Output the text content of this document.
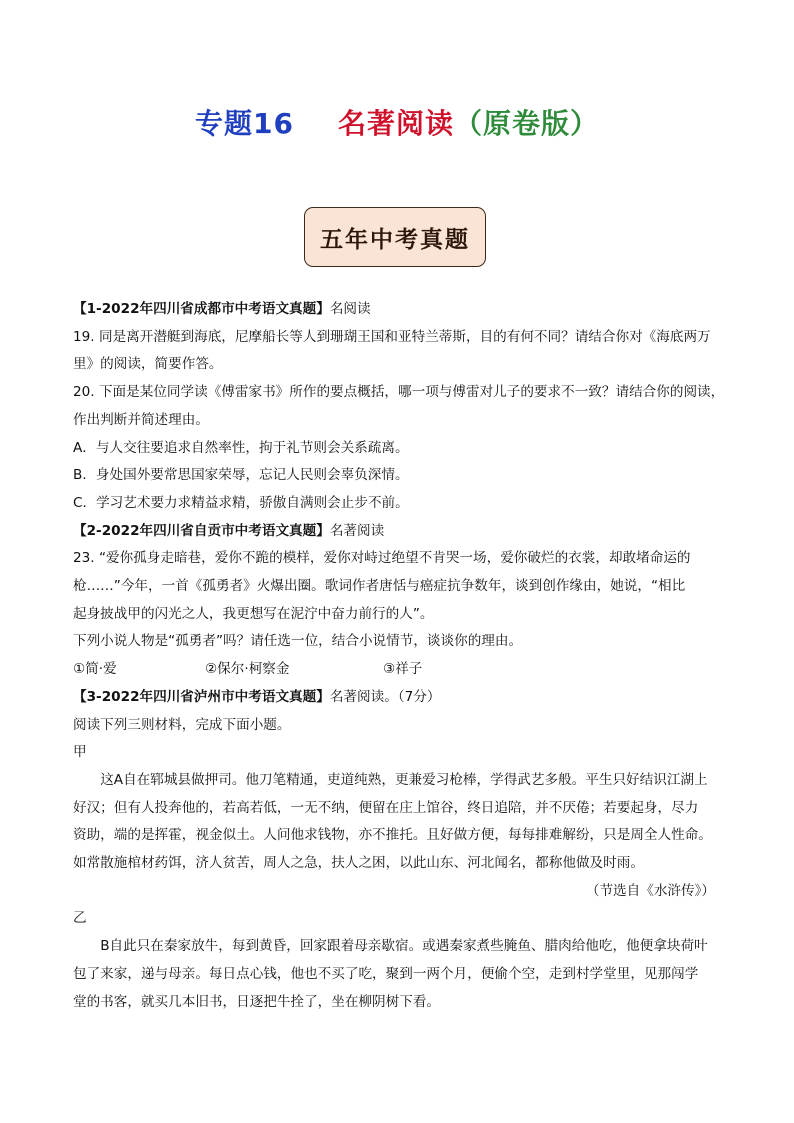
专题16 名著阅读（原卷版）
五年中考真题

【1-2022年四川省成都市中考语文真题】名阅读

19. 同是离开潜艇到海底，尼摩船长等人到珊瑚王国和亚特兰蒂斯，目的有何不同？请结合你对《海底两万

里》的阅读，简要作答。

20. 下面是某位同学读《傅雷家书》所作的要点概括，哪一项与傅雷对儿子的要求不一致？请结合你的阅读，

作出判断并简述理由。

A．与人交往要追求自然率性，拘于礼节则会关系疏离。

B．身处国外要常思国家荣辱，忘记人民则会辜负深情。

C．学习艺术要力求精益求精，骄傲自满则会止步不前。

【2-2022年四川省自贡市中考语文真题】名著阅读

23. “爱你孤身走暗巷，爱你不跪的模样，爱你对峙过绝望不肯哭一场，爱你破烂的衣裳，却敢堵命运的

枪……”今年，一首《孤勇者》火爆出圈。歌词作者唐恬与癌症抗争数年，谈到创作缘由，她说，“相比

起身披战甲的闪光之人，我更想写在泥泞中奋力前行的人”。

下列小说人物是“孤勇者”吗？请任选一位，结合小说情节，谈谈你的理由。

①简·爱	②保尔·柯察金	③祥子

【3-2022年四川省泸州市中考语文真题】名著阅读。（7分）

阅读下列三则材料，完成下面小题。

甲

这A自在郓城县做押司。他刀笔精通，吏道纯熟，更兼爱习枪棒，学得武艺多般。平生只好结识江湖上

好汉；但有人投奔他的，若高若低，一无不纳，便留在庄上馆谷，终日追陪，并不厌倦；若要起身，尽力

资助，端的是挥霍，视金似土。人问他求钱物，亦不推托。且好做方便，每每排难解纷，只是周全人性命。

如常散施棺材药饵，济人贫苦，周人之急，扶人之困，以此山东、河北闻名，都称他做及时雨。

（节选自《水浒传》）

乙

B自此只在秦家放牛，每到黄昏，回家跟着母亲歇宿。或遇秦家煮些腌鱼、腊肉给他吃，他便拿块荷叶

包了来家，递与母亲。每日点心钱，他也不买了吃，聚到一两个月，便偷个空，走到村学堂里，见那闯学

堂的书客，就买几本旧书，日逐把牛拴了，坐在柳阴树下看。
